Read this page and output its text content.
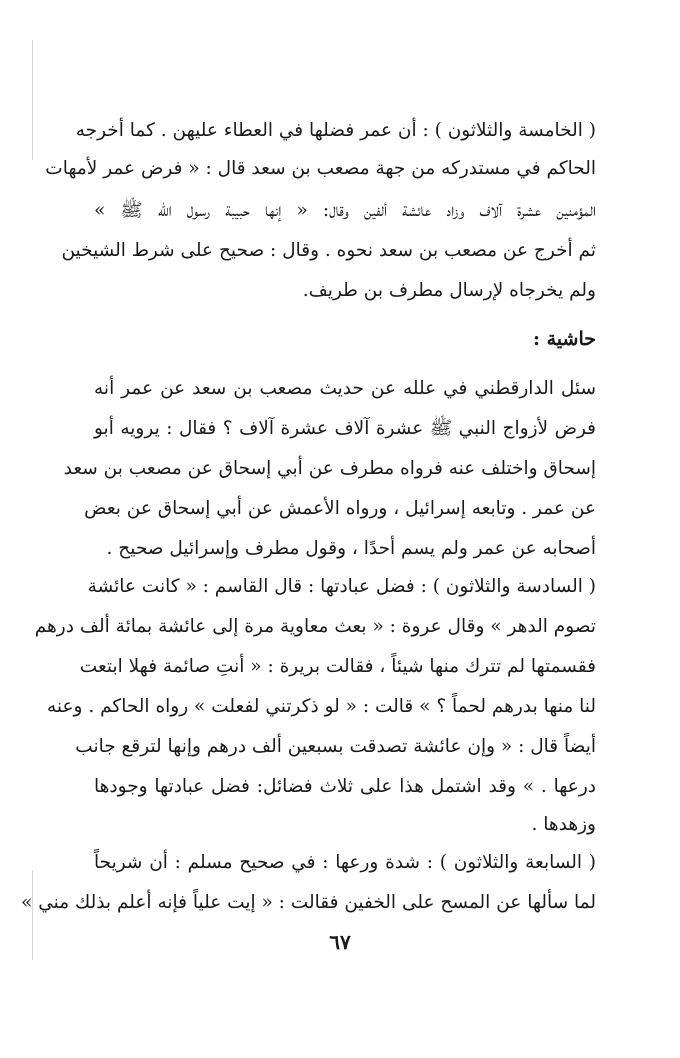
( الخامسة والثلاثون ) : أن عمر فضلها في العطاء عليهن . كما أخرجه
الحاكم في مستدركه من جهة مصعب بن سعد قال : « فرض عمر لأمهات
المؤمنين عشرة آلاف وزاد عائشة ألفين وقال: « إنها حبيبة رسول الله ﷺ »
ثم أخرج عن مصعب بن سعد نحوه . وقال : صحيح على شرط الشيخين
ولم يخرجاه لإرسال مطرف بن طريف.
حاشية :
سئل الدارقطني في علله عن حديث مصعب بن سعد عن عمر أنه
فرض لأزواج النبي ﷺ عشرة آلاف عشرة آلاف ؟ فقال : يرويه أبو
إسحاق واختلف عنه فرواه مطرف عن أبي إسحاق عن مصعب بن سعد
عن عمر . وتابعه إسرائيل ، ورواه الأعمش عن أبي إسحاق عن بعض
أصحابه عن عمر ولم يسم أحدًا ، وقول مطرف وإسرائيل صحيح .
( السادسة والثلاثون ) : فضل عبادتها : قال القاسم : « كانت عائشة
تصوم الدهر » وقال عروة : « بعث معاوية مرة إلى عائشة بمائة ألف درهم
فقسمتها لم تترك منها شيئاً ، فقالت بريرة : « أنتِ صائمة فهلا ابتعت
لنا منها بدرهم لحماً ؟ » قالت : « لو ذكرتني لفعلت » رواه الحاكم . وعنه
أيضاً قال : « وإن عائشة تصدقت بسبعين ألف درهم وإنها لترقع جانب
درعها . » وقد اشتمل هذا على ثلاث فضائل: فضل عبادتها وجودها
وزهدها .
( السابعة والثلاثون ) : شدة ورعها : في صحيح مسلم : أن شريحاً
لما سألها عن المسح على الخفين فقالت : « إيت علياً فإنه أعلم بذلك مني »
٦٧
